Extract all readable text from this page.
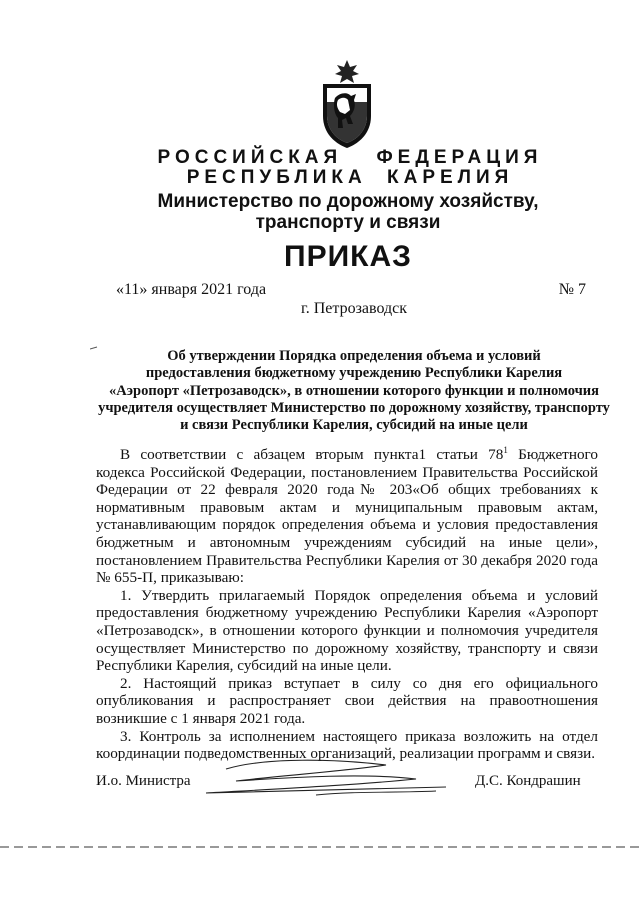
РОССИЙСКАЯ ФЕДЕРАЦИЯ
РЕСПУБЛИКА КАРЕЛИЯ
Министерство по дорожному хозяйству,
транспорту и связи
ПРИКАЗ
«11» января 2021 года	№ 7
г. Петрозаводск
Об утверждении Порядка определения объема и условий
предоставления бюджетному учреждению Республики Карелия
«Аэропорт «Петрозаводск», в отношении которого функции и полномочия
учредителя осуществляет Министерство по дорожному хозяйству, транспорту
и связи Республики Карелия, субсидий на иные цели

В соответствии с абзацем вторым пункта1 статьи $78^1$ Бюджетного кодекса Российской Федерации, постановлением Правительства Российской Федерации от 22 февраля 2020 года№ 203«Об общих требованиях к нормативным правовым актам и муниципальным правовым актам, устанавливающим порядок определения объема и условия предоставления бюджетным и автономным учреждениям субсидий на иные цели», постановлением Правительства Республики Карелия от 30 декабря 2020 года № 655-П, приказываю:

1. Утвердить прилагаемый Порядок определения объема и условий предоставления бюджетному учреждению Республики Карелия «Аэропорт «Петрозаводск», в отношении которого функции и полномочия учредителя осуществляет Министерство по дорожному хозяйству, транспорту и связи Республики Карелия, субсидий на иные цели.

2. Настоящий приказ вступает в силу со дня его официального опубликования и распространяет свои действия на правоотношения возникшие с 1 января 2021 года.

3. Контроль за исполнением настоящего приказа возложить на отдел координации подведомственных организаций, реализации программ и связи.

И.о. Министра	Д.С. Кондрашин
